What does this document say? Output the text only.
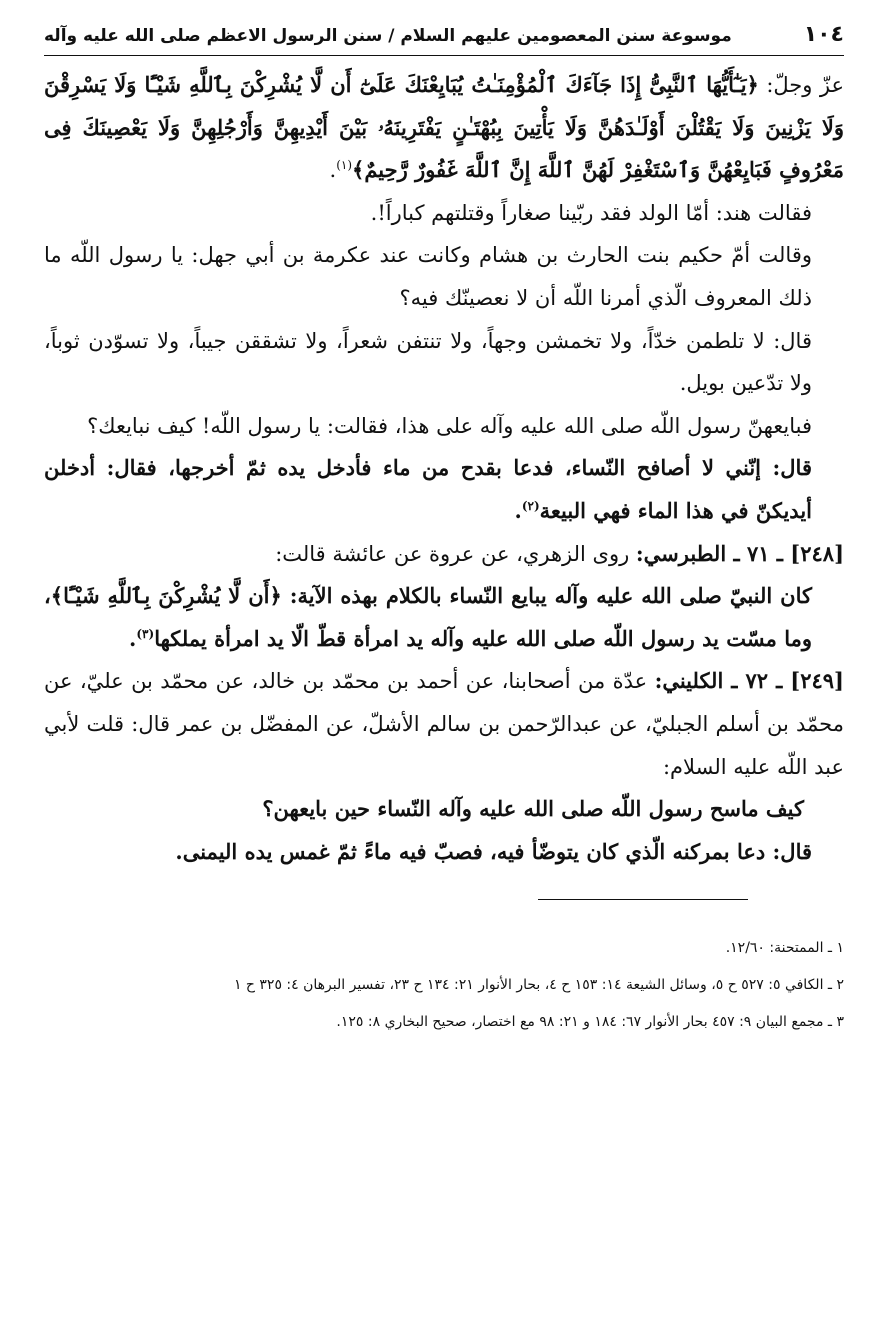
١٠٤
موسوعة سنن المعصومين عليهم السلام / سنن الرسول الاعظم صلى الله عليه وآله

عزّ وجلّ: ﴿يَـٰٓأَيُّهَا ٱلنَّبِىُّ إِذَا جَآءَكَ ٱلْمُؤْمِنَـٰتُ يُبَايِعْنَكَ عَلَىٰٓ أَن لَّا يُشْرِكْنَ بِٱللَّهِ شَيْـًٔا وَلَا يَسْرِقْنَ وَلَا يَزْنِينَ وَلَا يَقْتُلْنَ أَوْلَـٰدَهُنَّ وَلَا يَأْتِينَ بِبُهْتَـٰنٍ يَفْتَرِينَهُۥ بَيْنَ أَيْدِيهِنَّ وَأَرْجُلِهِنَّ وَلَا يَعْصِينَكَ فِى مَعْرُوفٍ فَبَايِعْهُنَّ وَٱسْتَغْفِرْ لَهُنَّ ٱللَّهَ إِنَّ ٱللَّهَ غَفُورٌ رَّحِيمٌ﴾$^{(١)}$.

فقالت هند: أمّا الولد فقد ربّينا صغاراً وقتلتهم كباراً!.

وقالت أمّ حكيم بنت الحارث بن هشام وكانت عند عكرمة بن أبي جهل: يا رسول اللّه ما ذلك المعروف الّذي أمرنا اللّه أن لا نعصينّك فيه؟

قال: لا تلطمن خدّاً، ولا تخمشن وجهاً، ولا تنتفن شعراً، ولا تشققن جيباً، ولا تسوّدن ثوباً، ولا تدّعين بويل.

فبايعهنّ رسول اللّه صلى الله عليه وآله على هذا، فقالت: يا رسول اللّه! كيف نبايعك؟

قال: إنّني لا أصافح النّساء، فدعا بقدح من ماء فأدخل يده ثمّ أخرجها، فقال: أدخلن أيديكنّ في هذا الماء فهي البيعة$^{(٢)}$.

[٢٤٨] ـ ٧١ ـ الطبرسي: روى الزهري، عن عروة عن عائشة قالت:

كان النبيّ صلى الله عليه وآله يبايع النّساء بالكلام بهذه الآية: ﴿أَن لَّا يُشْرِكْنَ بِٱللَّهِ شَيْـًٔا﴾، وما مسّت يد رسول اللّه صلى الله عليه وآله يد امرأة قطّ الّا يد امرأة يملكها$^{(٣)}$.

[٢٤٩] ـ ٧٢ ـ الكليني: عدّة من أصحابنا، عن أحمد بن محمّد بن خالد، عن محمّد بن عليّ، عن محمّد بن أسلم الجبليّ، عن عبدالرّحمن بن سالم الأشلّ، عن المفضّل بن عمر قال: قلت لأبي عبد اللّه عليه السلام:

كيف ماسح رسول اللّه صلى الله عليه وآله النّساء حين بايعهن؟

قال: دعا بمركنه الّذي كان يتوضّأ فيه، فصبّ فيه ماءً ثمّ غمس يده اليمنى.

١ ـ الممتحنة: ١٢/٦٠.
٢ ـ الكافي ٥: ٥٢٧ ح ٥، وسائل الشيعة ١٤: ١٥٣ ح ٤، بحار الأنوار ٢١: ١٣٤ ح ٢٣، تفسير البرهان ٤: ٣٢٥ ح ١
٣ ـ مجمع البيان ٩: ٤٥٧ بحار الأنوار ٦٧: ١٨٤ و ٢١: ٩٨ مع اختصار، صحيح البخاري ٨: ١٢٥.
